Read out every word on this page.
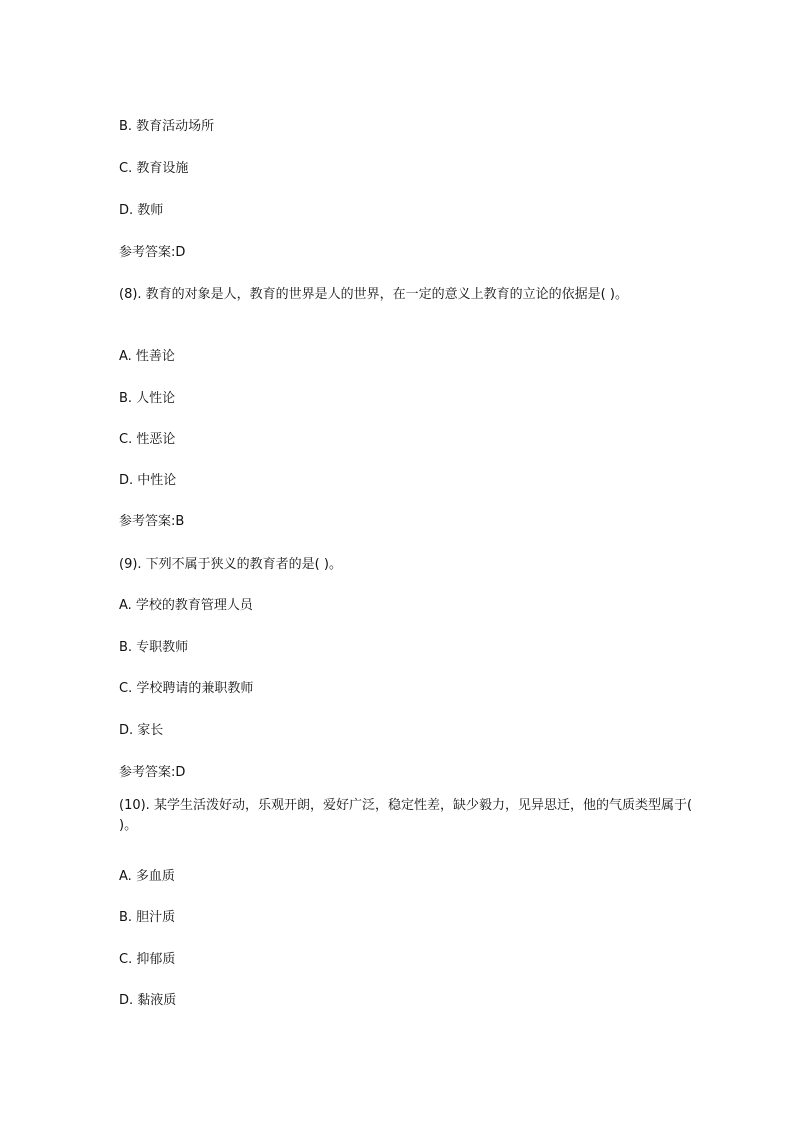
B. 教育活动场所
C. 教育设施
D. 教师
参考答案:D
(8). 教育的对象是人，教育的世界是人的世界，在一定的意义上教育的立论的依据是( )。
A. 性善论
B. 人性论
C. 性恶论
D. 中性论
参考答案:B
(9). 下列不属于狭义的教育者的是( )。
A. 学校的教育管理人员
B. 专职教师
C. 学校聘请的兼职教师
D. 家长
参考答案:D
(10). 某学生活泼好动，乐观开朗，爱好广泛，稳定性差，缺少毅力，见异思迁，他的气质类型属于( )。
A. 多血质
B. 胆汁质
C. 抑郁质
D. 黏液质
